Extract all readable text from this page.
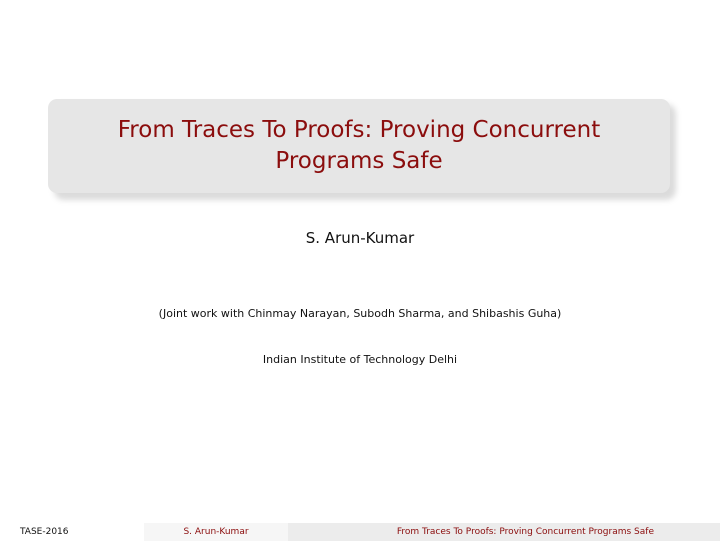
From Traces To Proofs: Proving Concurrent
Programs Safe
S. Arun-Kumar
(Joint work with Chinmay Narayan, Subodh Sharma, and Shibashis Guha)
Indian Institute of Technology Delhi
TASE-2016	S. Arun-Kumar	From Traces To Proofs: Proving Concurrent Programs Safe
